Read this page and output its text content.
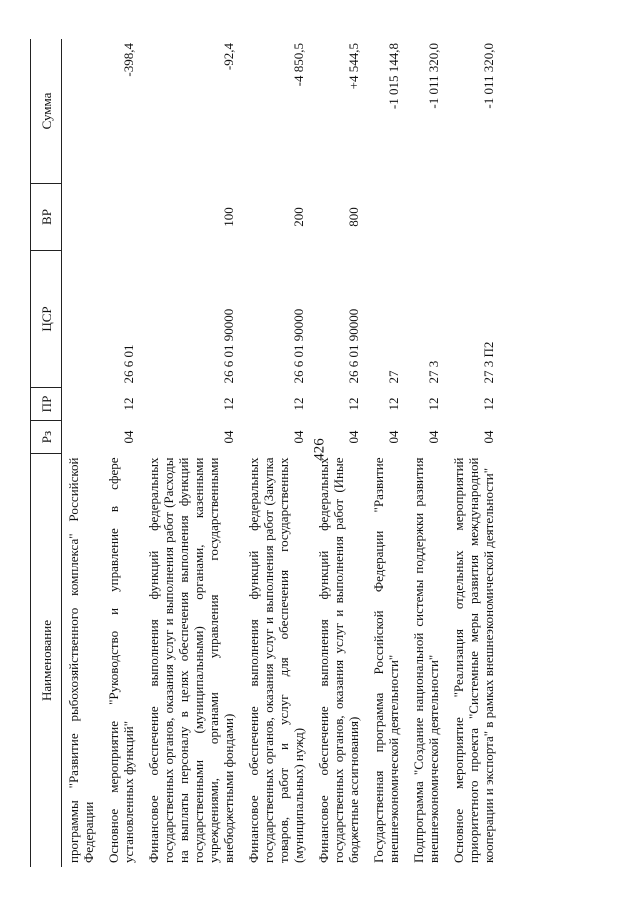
426
Наименование	Рз	ПР	ЦСР	ВР	Сумма
программы "Развитие рыбохозяйственного комплекса" Российской Федерации					
Основное мероприятие "Руководство и управление в сфере установленных функций"	04	12	26 6 01		-398,4
Финансовое обеспечение выполнения функций федеральных государственных органов, оказания услуг и выполнения работ (Расходы на выплаты персоналу в целях обеспечения выполнения функций государственными (муниципальными) органами, казенными учреждениями, органами управления государственными внебюджетными фондами)	04	12	26 6 01 90000	100	-92,4
Финансовое обеспечение выполнения функций федеральных государственных органов, оказания услуг и выполнения работ (Закупка товаров, работ и услуг для обеспечения государственных (муниципальных) нужд)	04	12	26 6 01 90000	200	-4 850,5
Финансовое обеспечение выполнения функций федеральных государственных органов, оказания услуг и выполнения работ (Иные бюджетные ассигнования)	04	12	26 6 01 90000	800	+4 544,5
Государственная программа Российской Федерации "Развитие внешнеэкономической деятельности"	04	12	27		-1 015 144,8
Подпрограмма "Создание национальной системы поддержки развития внешнеэкономической деятельности"	04	12	27 3		-1 011 320,0
Основное мероприятие "Реализация отдельных мероприятий приоритетного проекта "Системные меры развития международной кооперации и экспорта" в рамках внешнеэкономической деятельности"	04	12	27 3 П2		-1 011 320,0
